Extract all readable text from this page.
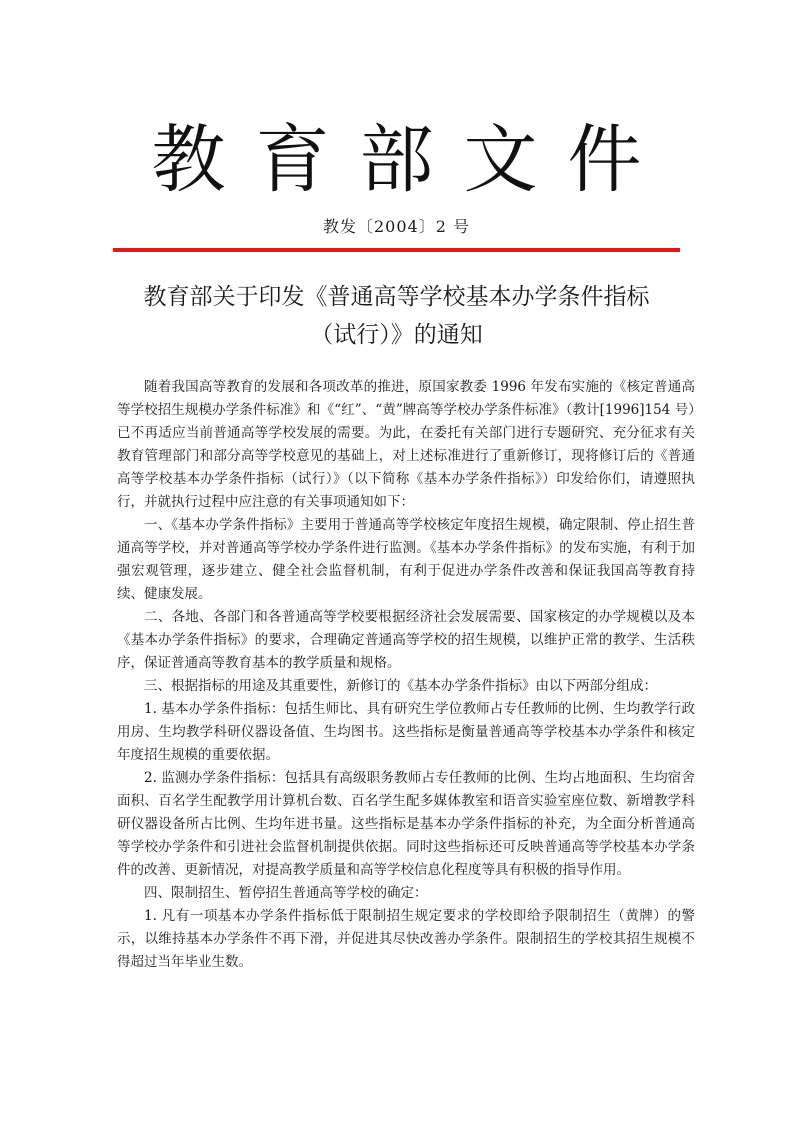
教育部文件
教发〔2004〕2 号
教育部关于印发《普通高等学校基本办学条件指标
（试行）》的通知

随着我国高等教育的发展和各项改革的推进，原国家教委 1996 年发布实施的《核定普通高等学校招生规模办学条件标准》和《“红”、“黄”牌高等学校办学条件标准》（教计[1996]154 号）已不再适应当前普通高等学校发展的需要。为此，在委托有关部门进行专题研究、充分征求有关教育管理部门和部分高等学校意见的基础上，对上述标准进行了重新修订，现将修订后的《普通高等学校基本办学条件指标（试行）》（以下简称《基本办学条件指标》）印发给你们，请遵照执行，并就执行过程中应注意的有关事项通知如下：

一、《基本办学条件指标》主要用于普通高等学校核定年度招生规模，确定限制、停止招生普通高等学校，并对普通高等学校办学条件进行监测。《基本办学条件指标》的发布实施，有利于加强宏观管理，逐步建立、健全社会监督机制，有利于促进办学条件改善和保证我国高等教育持续、健康发展。

二、各地、各部门和各普通高等学校要根据经济社会发展需要、国家核定的办学规模以及本《基本办学条件指标》的要求，合理确定普通高等学校的招生规模，以维护正常的教学、生活秩序，保证普通高等教育基本的教学质量和规格。

三、根据指标的用途及其重要性，新修订的《基本办学条件指标》由以下两部分组成：

1. 基本办学条件指标：包括生师比、具有研究生学位教师占专任教师的比例、生均教学行政用房、生均教学科研仪器设备值、生均图书。这些指标是衡量普通高等学校基本办学条件和核定年度招生规模的重要依据。

2. 监测办学条件指标：包括具有高级职务教师占专任教师的比例、生均占地面积、生均宿舍面积、百名学生配教学用计算机台数、百名学生配多媒体教室和语音实验室座位数、新增教学科研仪器设备所占比例、生均年进书量。这些指标是基本办学条件指标的补充，为全面分析普通高等学校办学条件和引进社会监督机制提供依据。同时这些指标还可反映普通高等学校基本办学条件的改善、更新情况，对提高教学质量和高等学校信息化程度等具有积极的指导作用。

四、限制招生、暂停招生普通高等学校的确定：

1. 凡有一项基本办学条件指标低于限制招生规定要求的学校即给予限制招生（黄牌）的警示，以维持基本办学条件不再下滑，并促进其尽快改善办学条件。限制招生的学校其招生规模不得超过当年毕业生数。
